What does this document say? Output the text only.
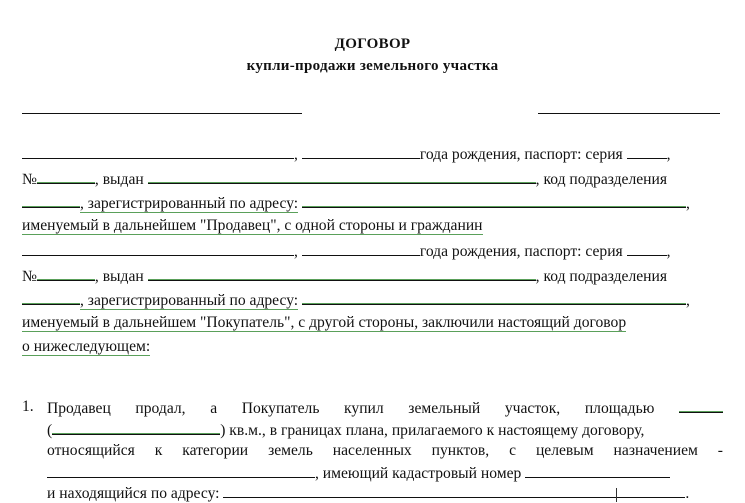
ДОГОВОР
купли-продажи земельного участка
,	года рождения, паспорт: серия	,
№	, выдан	, код подразделения
, зарегистрированный по адресу:	,
именуемый в дальнейшем "Продавец", с одной стороны и гражданин
,	года рождения, паспорт: серия	,
№	, выдан	, код подразделения
, зарегистрированный по адресу:	,
именуемый в дальнейшем "Покупатель", с другой стороны, заключили настоящий договор
о нижеследующем:
1. Продавец продал, а Покупатель купил земельный участок, площадью
(	) кв.м., в границах плана, прилагаемого к настоящему договору,
относящийся к категории земель населенных пунктов, с целевым назначением -
, имеющий кадастровый номер
и находящийся по адресу:	.
